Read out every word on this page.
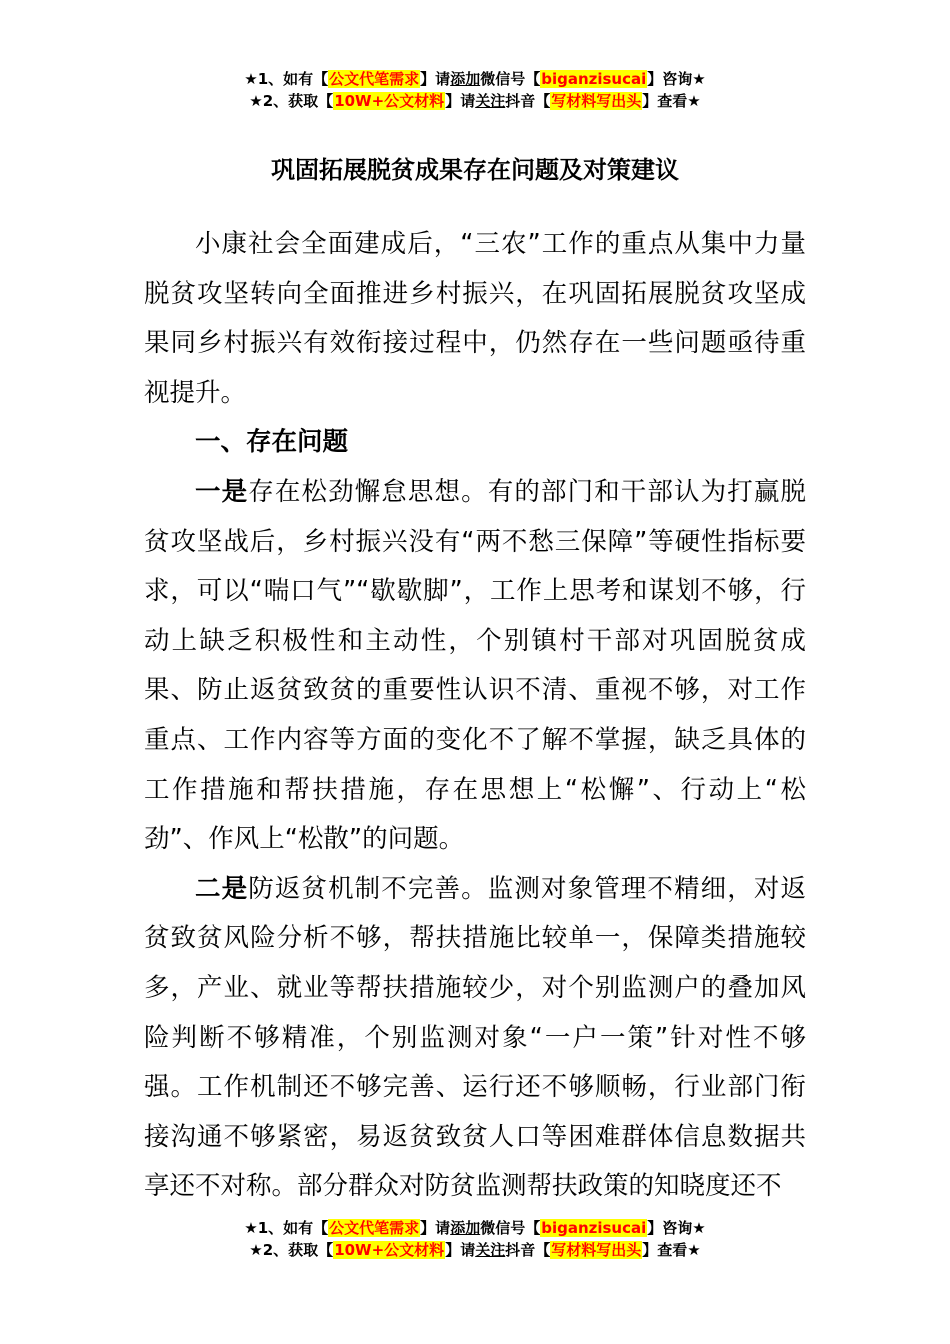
★1、如有【公文代笔需求】请添加微信号【biganzisucai】咨询★
★2、获取【10W+公文材料】请关注抖音【写材料写出头】查看★
巩固拓展脱贫成果存在问题及对策建议

小康社会全面建成后，“三农”工作的重点从集中力量脱贫攻坚转向全面推进乡村振兴，在巩固拓展脱贫攻坚成果同乡村振兴有效衔接过程中，仍然存在一些问题亟待重视提升。

一、存在问题

一是存在松劲懈怠思想。有的部门和干部认为打赢脱贫攻坚战后，乡村振兴没有“两不愁三保障”等硬性指标要求，可以“喘口气”“歇歇脚”，工作上思考和谋划不够，行动上缺乏积极性和主动性，个别镇村干部对巩固脱贫成果、防止返贫致贫的重要性认识不清、重视不够，对工作重点、工作内容等方面的变化不了解不掌握，缺乏具体的工作措施和帮扶措施，存在思想上“松懈”、行动上“松劲”、作风上“松散”的问题。

二是防返贫机制不完善。监测对象管理不精细，对返贫致贫风险分析不够，帮扶措施比较单一，保障类措施较多，产业、就业等帮扶措施较少，对个别监测户的叠加风险判断不够精准，个别监测对象“一户一策”针对性不够强。工作机制还不够完善、运行还不够顺畅，行业部门衔接沟通不够紧密，易返贫致贫人口等困难群体信息数据共享还不对称。部分群众对防贫监测帮扶政策的知晓度还不

★1、如有【公文代笔需求】请添加微信号【biganzisucai】咨询★
★2、获取【10W+公文材料】请关注抖音【写材料写出头】查看★
